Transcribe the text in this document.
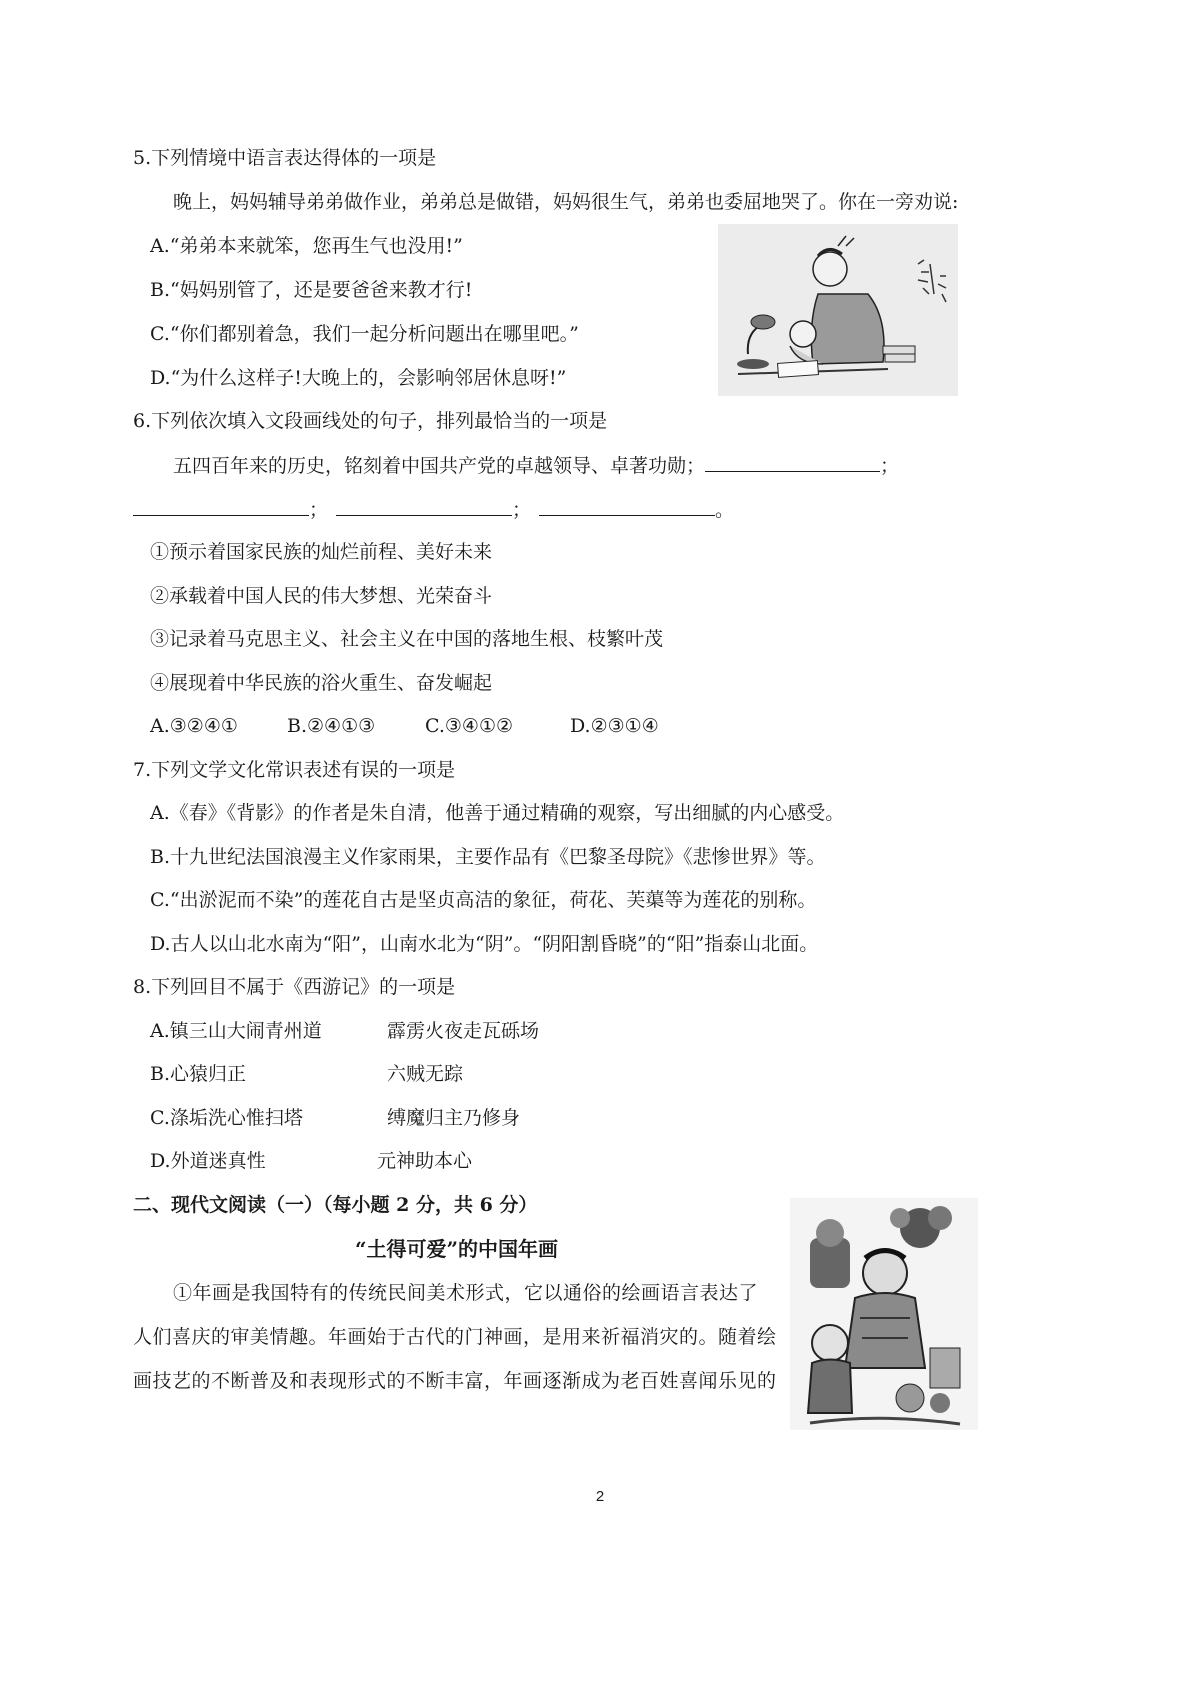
5.下列情境中语言表达得体的一项是
晚上，妈妈辅导弟弟做作业，弟弟总是做错，妈妈很生气，弟弟也委屈地哭了。你在一旁劝说:
A.“弟弟本来就笨，您再生气也没用!”
B.“妈妈别管了，还是要爸爸来教才行!
C.“你们都别着急，我们一起分析问题出在哪里吧。”
D.“为什么这样子!大晚上的，会影响邻居休息呀!”
6.下列依次填入文段画线处的句子，排列最恰当的一项是
五四百年来的历史，铭刻着中国共产党的卓越领导、卓著功勋；	；
；	；	。
①预示着国家民族的灿烂前程、美好未来
②承载着中国人民的伟大梦想、光荣奋斗
③记录着马克思主义、社会主义在中国的落地生根、枝繁叶茂
④展现着中华民族的浴火重生、奋发崛起
A.③②④①	B.②④①③	C.③④①②	D.②③①④
7.下列文学文化常识表述有误的一项是
A.《春》《背影》的作者是朱自清，他善于通过精确的观察，写出细腻的内心感受。
B.十九世纪法国浪漫主义作家雨果，主要作品有《巴黎圣母院》《悲惨世界》等。
C.“出淤泥而不染”的莲花自古是坚贞高洁的象征，荷花、芙蕖等为莲花的别称。
D.古人以山北水南为“阳”，山南水北为“阴”。“阴阳割昏晓”的“阳”指泰山北面。
8.下列回目不属于《西游记》的一项是
A.镇三山大闹青州道	霹雳火夜走瓦砾场
B.心猿归正	六贼无踪
C.涤垢洗心惟扫塔	缚魔归主乃修身
D.外道迷真性	元神助本心
二、现代文阅读（一）（每小题 2 分，共 6 分）
“土得可爱”的中国年画
①年画是我国特有的传统民间美术形式，它以通俗的绘画语言表达了
人们喜庆的审美情趣。年画始于古代的门神画，是用来祈福消灾的。随着绘
画技艺的不断普及和表现形式的不断丰富，年画逐渐成为老百姓喜闻乐见的
2
